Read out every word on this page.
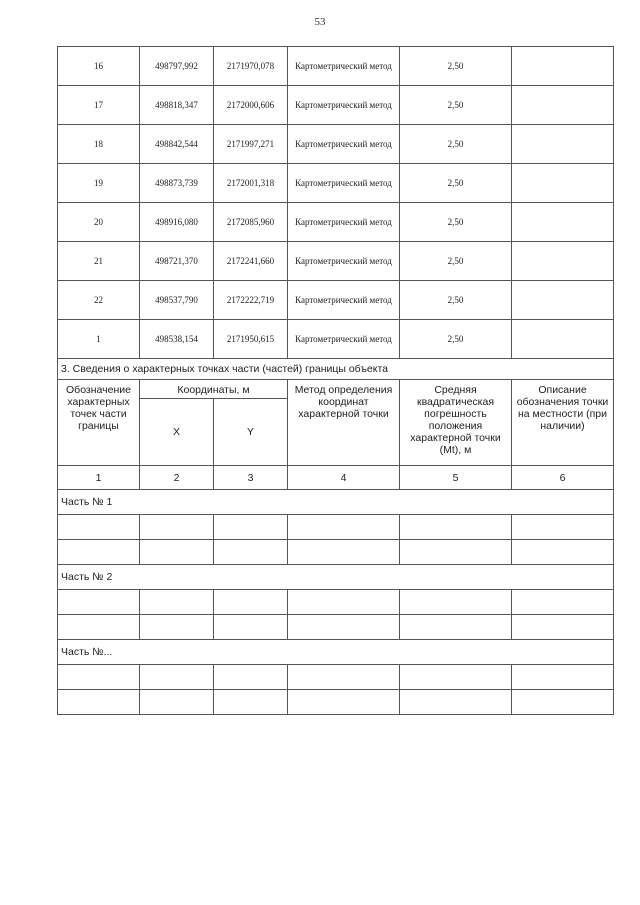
53
16	498797,992	2171970,078	Картометрический метод	2,50	
17	498818,347	2172000,606	Картометрический метод	2,50	
18	498842,544	2171997,271	Картометрический метод	2,50	
19	498873,739	2172001,318	Картометрический метод	2,50	
20	498916,080	2172085,960	Картометрический метод	2,50	
21	498721,370	2172241,660	Картометрический метод	2,50	
22	498537,790	2172222,719	Картометрический метод	2,50	
1	498538,154	2171950,615	Картометрический метод	2,50	
3. Сведения о характерных точках части (частей) границы объекта					
Обозначение характерных точек части границы	Координаты, м		Метод определения координат характерной точки	Средняя квадратическая погрешность положения характерной точки (Mt), м	Описание обозначения точки на местности (при наличии)
	X	Y			
1	2	3	4	5	6
Часть № 1					

Часть № 2					

Часть №...					
